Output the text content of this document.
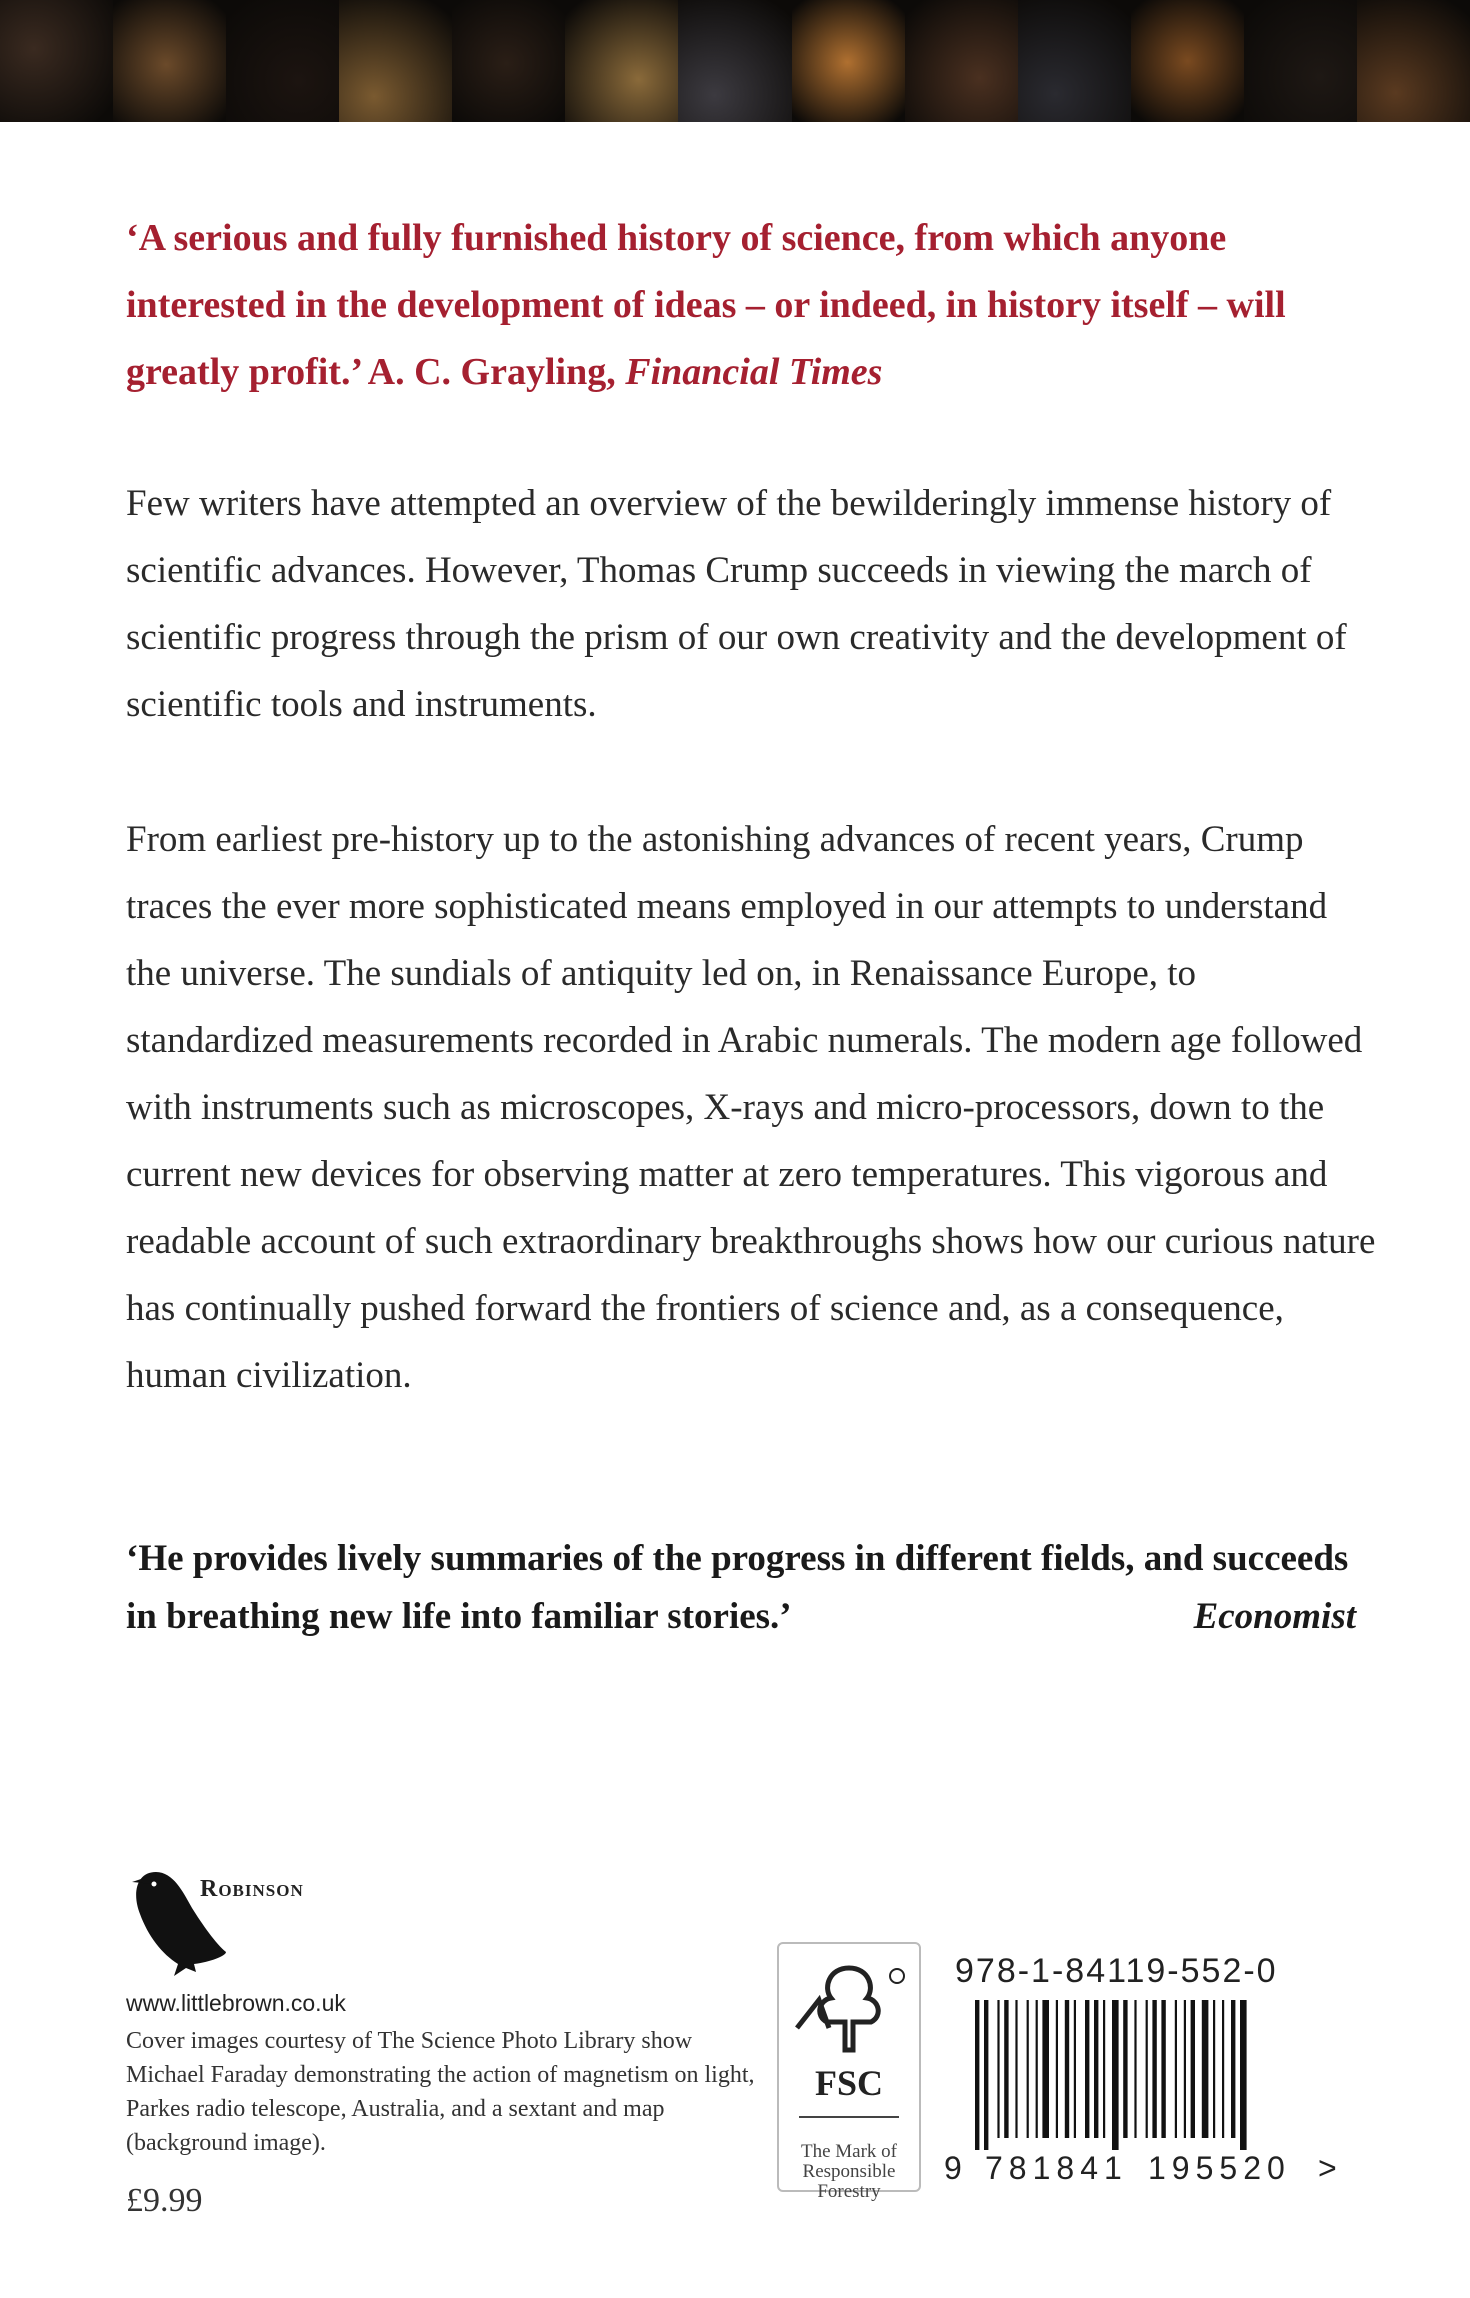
‘A serious and fully furnished history of science, from which anyone interested in the development of ideas – or indeed, in history itself – will greatly profit.’ A. C. Grayling, Financial Times

Few writers have attempted an overview of the bewilderingly immense history of scientific advances. However, Thomas Crump succeeds in viewing the march of scientific progress through the prism of our own creativity and the development of scientific tools and instruments.

From earliest pre-history up to the astonishing advances of recent years, Crump traces the ever more sophisticated means employed in our attempts to understand the universe. The sundials of antiquity led on, in Renaissance Europe, to standardized measurements recorded in Arabic numerals. The modern age followed with instruments such as microscopes, X-rays and micro-processors, down to the current new devices for observing matter at zero temperatures. This vigorous and readable account of such extraordinary breakthroughs shows how our curious nature has continually pushed forward the frontiers of science and, as a consequence, human civilization.

‘He provides lively summaries of the progress in different fields, and succeeds in breathing new life into familiar stories.’	Economist

Robinson
www.littlebrown.co.uk

Cover images courtesy of The Science Photo Library show Michael Faraday demonstrating the action of magnetism on light, Parkes radio telescope, Australia, and a sextant and map (background image).

£9.99
FSC
The Mark of
Responsible
Forestry
978-1-84119-552-0
9 781841 195520 >
